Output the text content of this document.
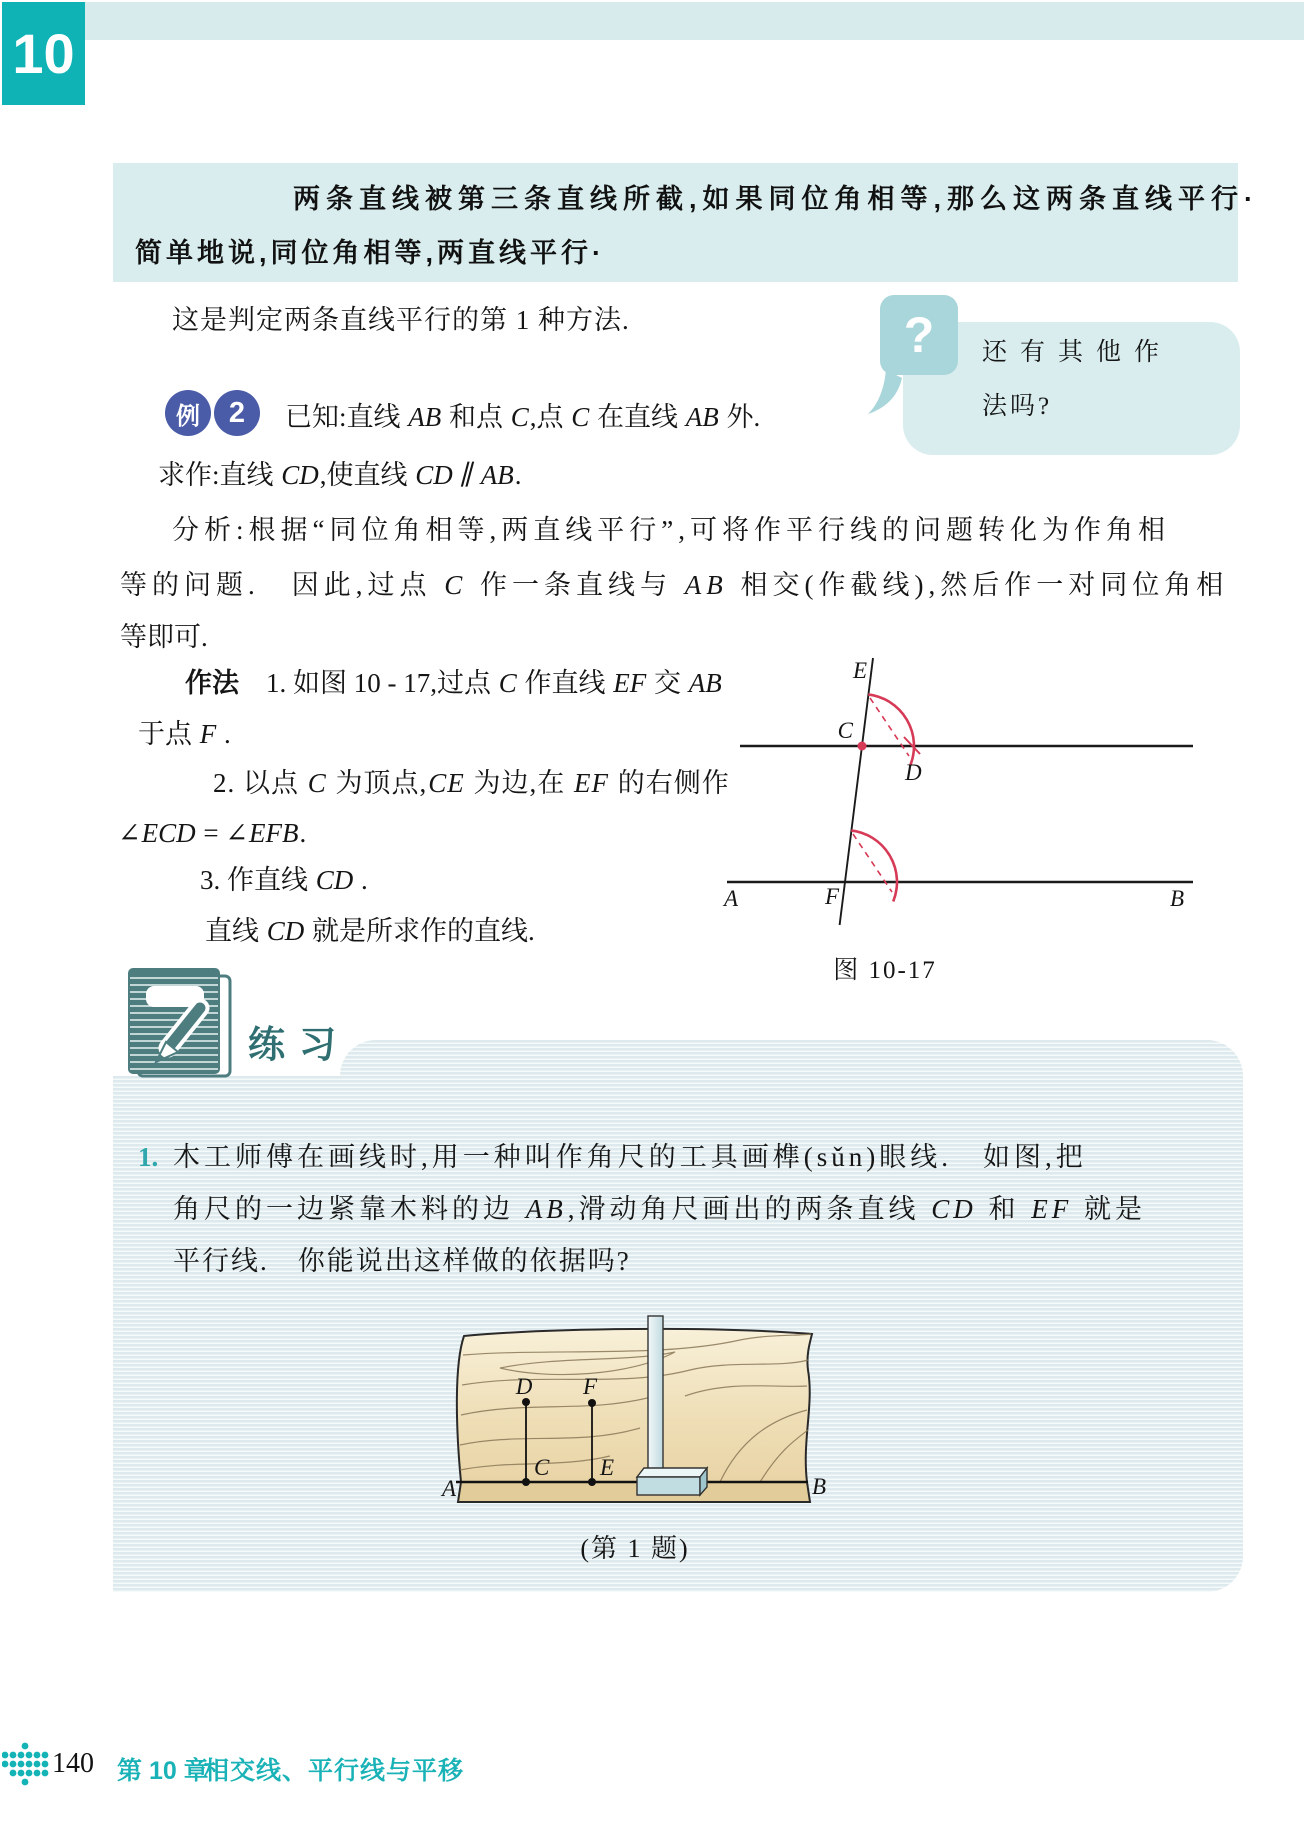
10
两条直线被第三条直线所截,如果同位角相等,那么这两条直线平行·
简单地说,同位角相等,两直线平行·
这是判定两条直线平行的第 1 种方法.
例 2
? 还有其他作
法吗?
已知:直线 AB 和点 C,点 C 在直线 AB 外.
求作:直线 CD,使直线 CD ∥ AB.
分析:根据“同位角相等,两直线平行”,可将作平行线的问题转化为作角相
等的问题.　因此,过点 C 作一条直线与 AB 相交(作截线),然后作一对同位角相
等即可.
作法　1. 如图 10 - 17,过点 C 作直线 EF 交 AB
于点 F .
2. 以点 C 为顶点,CE 为边,在 EF 的右侧作
∠ECD = ∠EFB.
3. 作直线 CD .
直线 CD 就是所求作的直线.
E
C
D
A	F	B
图 10-17
练习
1. 木工师傅在画线时,用一种叫作角尺的工具画榫(sǔn)眼线.　如图,把
角尺的一边紧靠木料的边 AB,滑动角尺画出的两条直线 CD 和 EF 就是
平行线.　你能说出这样做的依据吗?
D F
C E
A	B
(第 1 题)
140 第 10 章
相交线、平行线与平移
